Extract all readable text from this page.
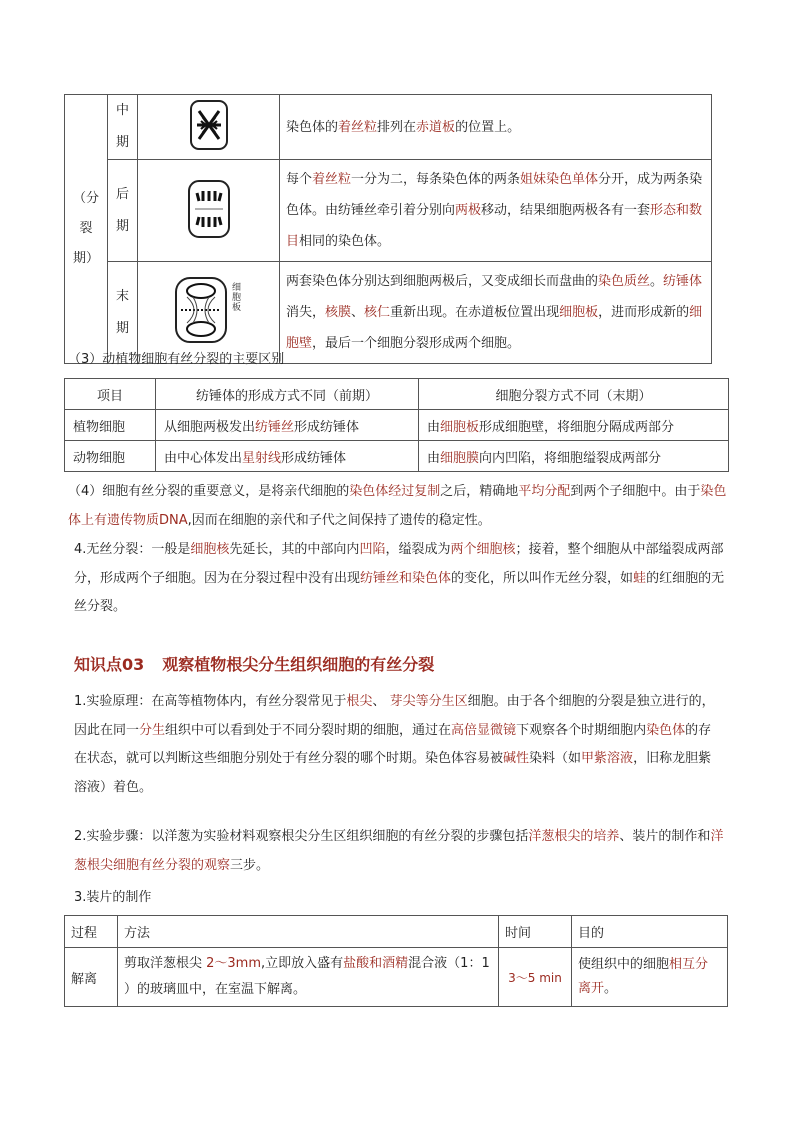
（分裂期）	中期		染色体的着丝粒排列在赤道板的位置上。

	后期		每个着丝粒一分为二，每条染色体的两条姐妹染色单体分开，成为两条染色体。由纺锤丝牵引着分别向两极移动，结果细胞两极各有一套形态和数目相同的染色体。

	末期	细胞板	两套染色体分别达到细胞两极后，又变成细长而盘曲的染色质丝。纺锤体消失，核膜、核仁重新出现。在赤道板位置出现细胞板，进而形成新的细胞壁，最后一个细胞分裂形成两个细胞。
（3）动植物细胞有丝分裂的主要区别
项目	纺锤体的形成方式不同（前期）	细胞分裂方式不同（末期）
植物细胞	从细胞两极发出纺锤丝形成纺锤体	由细胞板形成细胞壁，将细胞分隔成两部分
动物细胞	由中心体发出星射线形成纺锤体	由细胞膜向内凹陷，将细胞缢裂成两部分
（4）细胞有丝分裂的重要意义，是将亲代细胞的染色体经过复制之后，精确地平均分配到两个子细胞中。由于染色体上有遗传物质DNA,因而在细胞的亲代和子代之间保持了遗传的稳定性。
4.无丝分裂：一般是细胞核先延长，其的中部向内凹陷，缢裂成为两个细胞核；接着，整个细胞从中部缢裂成两部分，形成两个子细胞。因为在分裂过程中没有出现纺锤丝和染色体的变化，所以叫作无丝分裂，如蛙的红细胞的无丝分裂。
知识点03 观察植物根尖分生组织细胞的有丝分裂
1.实验原理：在高等植物体内，有丝分裂常见于根尖、 芽尖等分生区细胞。由于各个细胞的分裂是独立进行的，因此在同一分生组织中可以看到处于不同分裂时期的细胞，通过在高倍显微镜下观察各个时期细胞内染色体的存在状态，就可以判断这些细胞分别处于有丝分裂的哪个时期。染色体容易被碱性染料（如甲紫溶液，旧称龙胆紫溶液）着色。
2.实验步骤：以洋葱为实验材料观察根尖分生区组织细胞的有丝分裂的步骤包括洋葱根尖的培养、装片的制作和洋葱根尖细胞有丝分裂的观察三步。
3.装片的制作
过程	方法	时间	目的
解离	剪取洋葱根尖 2～3mm,立即放入盛有盐酸和酒精混合液（1：1 ）的玻璃皿中，在室温下解离。	3～5 min	使组织中的细胞相互分离开。
